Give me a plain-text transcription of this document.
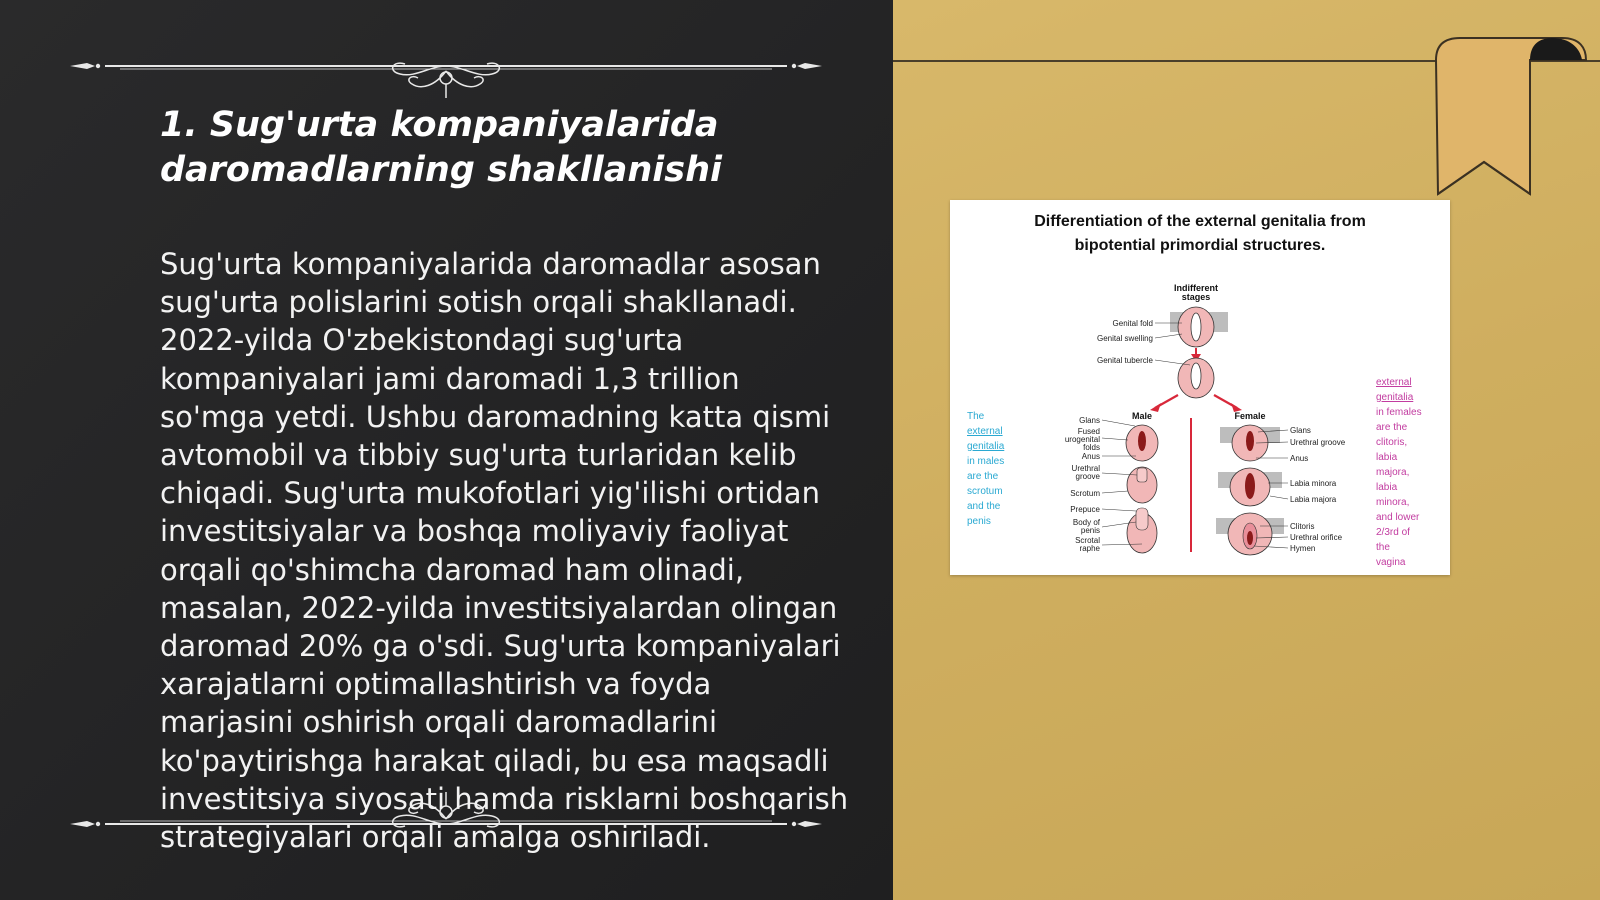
1. Sug'urta kompaniyalarida
daromadlarning shakllanishi

Sug'urta kompaniyalarida daromadlar asosan sug'urta polislarini sotish orqali shakllanadi. 2022-yilda O'zbekistondagi sug'urta kompaniyalari jami daromadi 1,3 trillion so'mga yetdi. Ushbu daromadning katta qismi avtomobil va tibbiy sug'urta turlaridan kelib chiqadi. Sug'urta mukofotlari yig'ilishi ortidan investitsiyalar va boshqa moliyaviy faoliyat orqali qo'shimcha daromad ham olinadi, masalan, 2022-yilda investitsiyalardan olingan daromad 20% ga o'sdi. Sug'urta kompaniyalari xarajatlarni optimallashtirish va foyda marjasini oshirish orqali daromadlarini ko'paytirishga harakat qiladi, bu esa maqsadli investitsiya siyosati hamda risklarni boshqarish strategiyalari orqali amalga oshiriladi.

Differentiation of the external genitalia from
bipotential primordial structures.
Indifferent
stages
Genital fold
Genital swelling
Genital tubercle
Male	Female
Glans
Fused
urogenital
folds
Anus
Urethral
groove
Scrotum
Prepuce
Body of
penis
Scrotal
raphe
Glans
Urethral groove
Anus
Labia minora
Labia majora
Clitoris
Urethral orifice
Hymen
The
external
genitalia
in males
are the
scrotum
and the
penis
external
genitalia
in females
are the
clitoris,
labia
majora,
labia
minora,
and lower
2/3rd of
the
vagina
